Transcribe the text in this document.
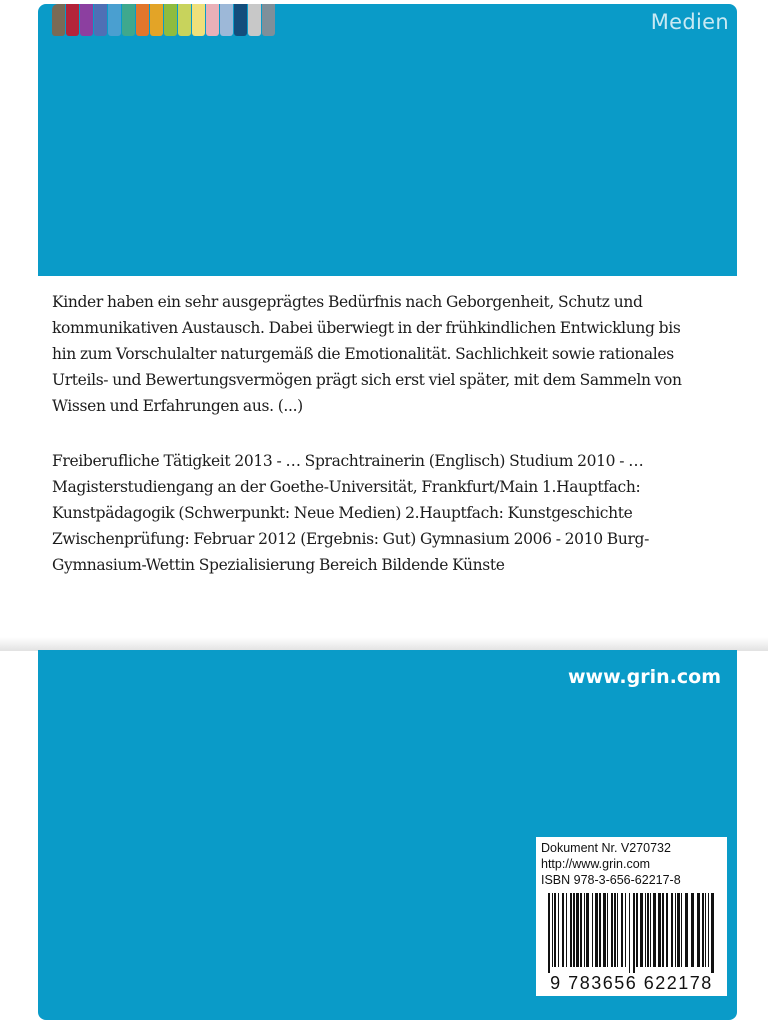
Medien

Kinder haben ein sehr ausgeprägtes Bedürfnis nach Geborgenheit, Schutz und kommunikativen Austausch. Dabei überwiegt in der frühkindlichen Entwicklung bis hin zum Vorschulalter naturgemäß die Emotionalität. Sachlichkeit sowie rationales Urteils- und Bewertungsvermögen prägt sich erst viel später, mit dem Sammeln von Wissen und Erfahrungen aus. (...)

Freiberufliche Tätigkeit 2013 - … Sprachtrainerin (Englisch) Studium 2010 - … Magisterstudiengang an der Goethe-Universität, Frankfurt/Main 1.Hauptfach: Kunstpädagogik (Schwerpunkt: Neue Medien) 2.Hauptfach: Kunstgeschichte Zwischenprüfung: Februar 2012 (Ergebnis: Gut) Gymnasium 2006 - 2010 Burg-Gymnasium-Wettin Spezialisierung Bereich Bildende Künste

www.grin.com
Dokument Nr. V270732
http://www.grin.com
ISBN 978-3-656-62217-8
9 783656 622178
